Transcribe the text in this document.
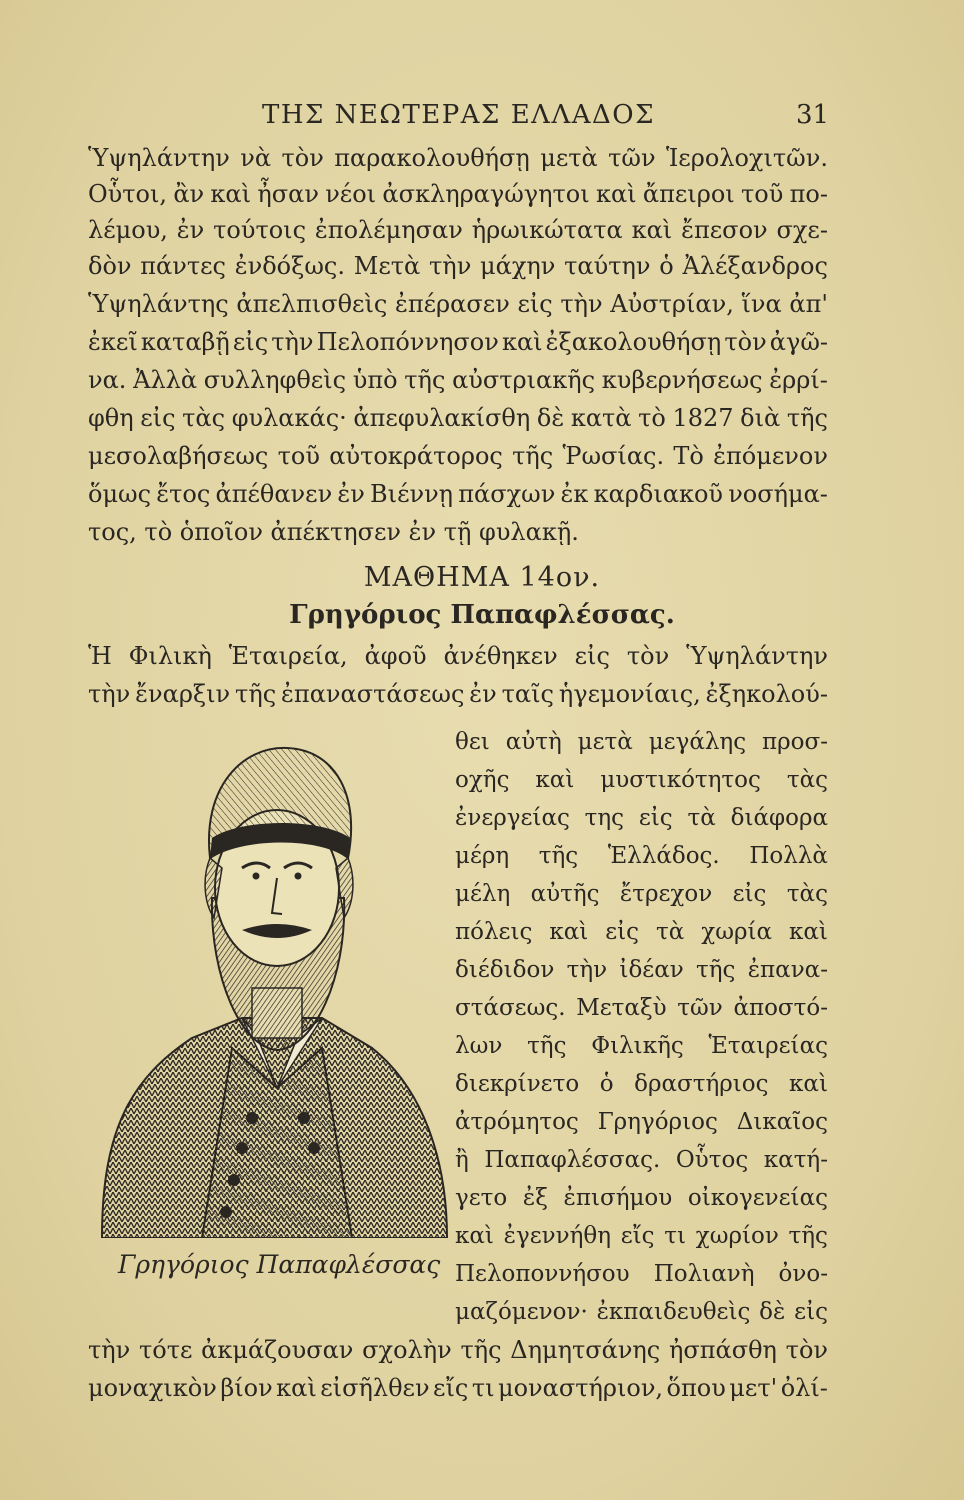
ΤΗΣ ΝΕΩΤΕΡΑΣ ΕΛΛΑΔΟΣ	31
Ὑψηλάντην νὰ τὸν παρακολουθήσῃ μετὰ τῶν Ἱερολοχιτῶν.
Οὗτοι, ἂν καὶ ἦσαν νέοι ἀσκληραγώγητοι καὶ ἄπειροι τοῦ πο-
λέμου, ἐν τούτοις ἐπολέμησαν ἡρωικώτατα καὶ ἔπεσον σχε-
δὸν πάντες ἐνδόξως. Μετὰ τὴν μάχην ταύτην ὁ Ἀλέξανδρος
Ὑψηλάντης ἀπελπισθεὶς ἐπέρασεν εἰς τὴν Αὐστρίαν, ἵνα ἀπ'
ἐκεῖ καταβῇ εἰς τὴν Πελοπόννησον καὶ ἐξακολουθήσῃ τὸν ἀγῶ-
να. Ἀλλὰ συλληφθεὶς ὑπὸ τῆς αὐστριακῆς κυβερνήσεως ἐρρί-
φθη εἰς τὰς φυλακάς· ἀπεφυλακίσθη δὲ κατὰ τὸ 1827 διὰ τῆς
μεσολαβήσεως τοῦ αὐτοκράτορος τῆς Ῥωσίας. Τὸ ἐπόμενον
ὅμως ἔτος ἀπέθανεν ἐν Βιέννῃ πάσχων ἐκ καρδιακοῦ νοσήμα-
τος, τὸ ὁποῖον ἀπέκτησεν ἐν τῇ φυλακῇ.
ΜΑΘΗΜΑ 14ον.
Γρηγόριος Παπαφλέσσας.
Ἡ Φιλικὴ Ἑταιρεία, ἀφοῦ ἀνέθηκεν εἰς τὸν Ὑψηλάντην
τὴν ἔναρξιν τῆς ἐπαναστάσεως ἐν ταῖς ἡγεμονίαις, ἐξηκολού-
θει αὐτὴ μετὰ μεγάλης προσ-
οχῆς καὶ μυστικότητος τὰς
ἐνεργείας της εἰς τὰ διάφορα
μέρη τῆς Ἑλλάδος. Πολλὰ
μέλη αὐτῆς ἔτρεχον εἰς τὰς
πόλεις καὶ εἰς τὰ χωρία καὶ
διέδιδον τὴν ἰδέαν τῆς ἐπανα-
στάσεως. Μεταξὺ τῶν ἀποστό-
λων τῆς Φιλικῆς Ἑταιρείας
διεκρίνετο ὁ δραστήριος καὶ
ἀτρόμητος Γρηγόριος Δικαῖος
ἢ Παπαφλέσσας. Οὗτος κατή-
γετο ἐξ ἐπισήμου οἰκογενείας
καὶ ἐγεννήθη εἴς τι χωρίον τῆς
Πελοποννήσου Πολιανὴ ὀνο-
μαζόμενον· ἐκπαιδευθεὶς δὲ εἰς
τὴν τότε ἀκμάζουσαν σχολὴν τῆς Δημητσάνης ἠσπάσθη τὸν
μοναχικὸν βίον καὶ εἰσῆλθεν εἴς τι μοναστήριον, ὅπου μετ' ὀλί-
Γρηγόριος Παπαφλέσσας
